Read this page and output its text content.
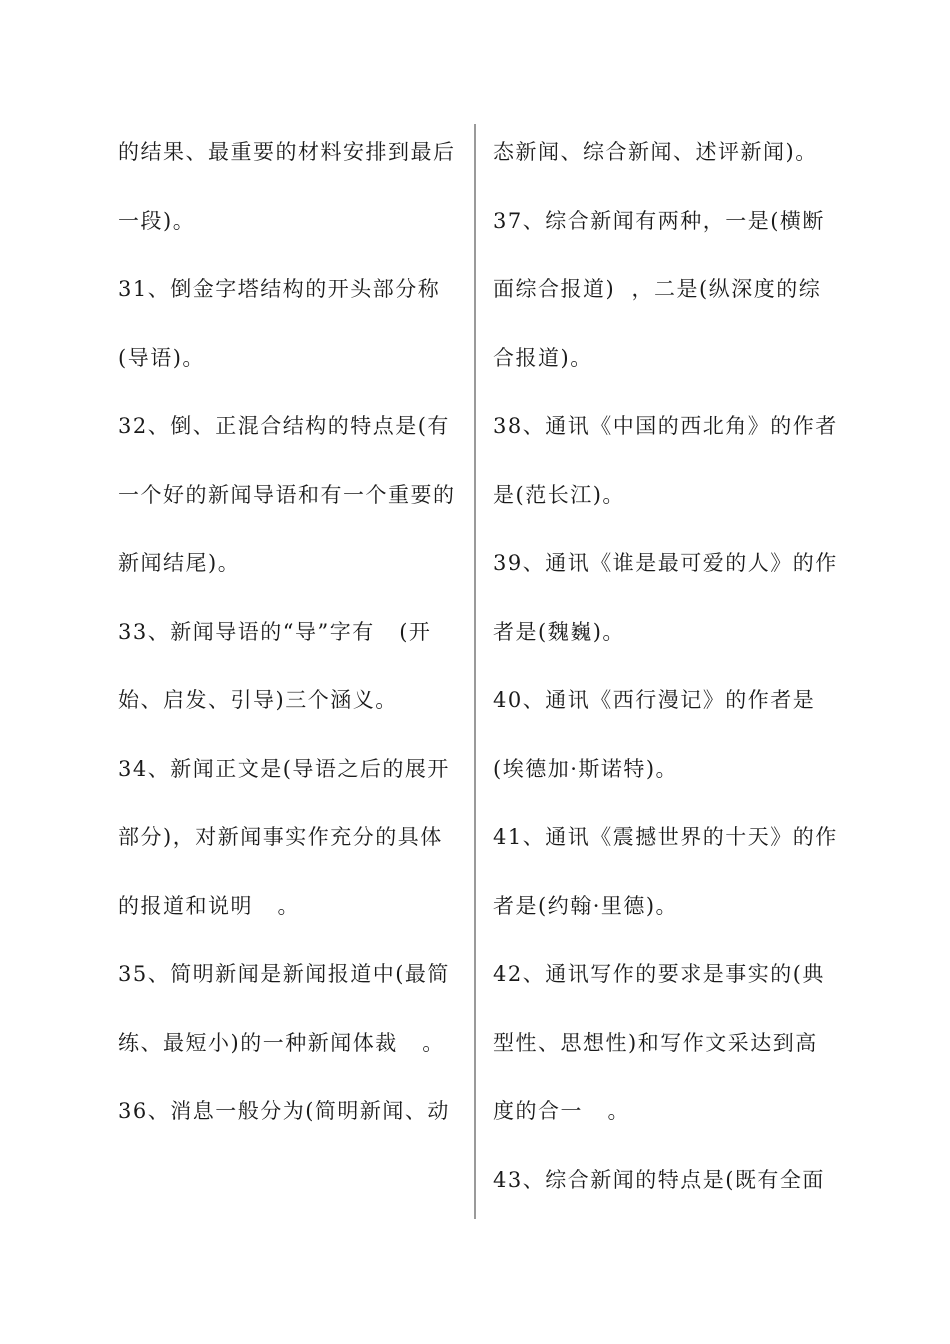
的结果、最重要的材料安排到最后
一段)。
31、倒金字塔结构的开头部分称
(导语)。
32、倒、正混合结构的特点是(有
一个好的新闻导语和有一个重要的
新闻结尾)。
33、新闻导语的“导”字有   (开
始、启发、引导)三个涵义。
34、新闻正文是(导语之后的展开
部分)，对新闻事实作充分的具体
的报道和说明   。
35、简明新闻是新闻报道中(最简
练、最短小)的一种新闻体裁   。
36、消息一般分为(简明新闻、动
态新闻、综合新闻、述评新闻)。
37、综合新闻有两种，一是(横断
面综合报道)  ，二是(纵深度的综
合报道)。
38、通讯《中国的西北角》的作者
是(范长江)。
39、通讯《谁是最可爱的人》的作
者是(魏巍)。
40、通讯《西行漫记》的作者是
(埃德加·斯诺特)。
41、通讯《震撼世界的十天》的作
者是(约翰·里德)。
42、通讯写作的要求是事实的(典
型性、思想性)和写作文采达到高
度的合一   。
43、综合新闻的特点是(既有全面
